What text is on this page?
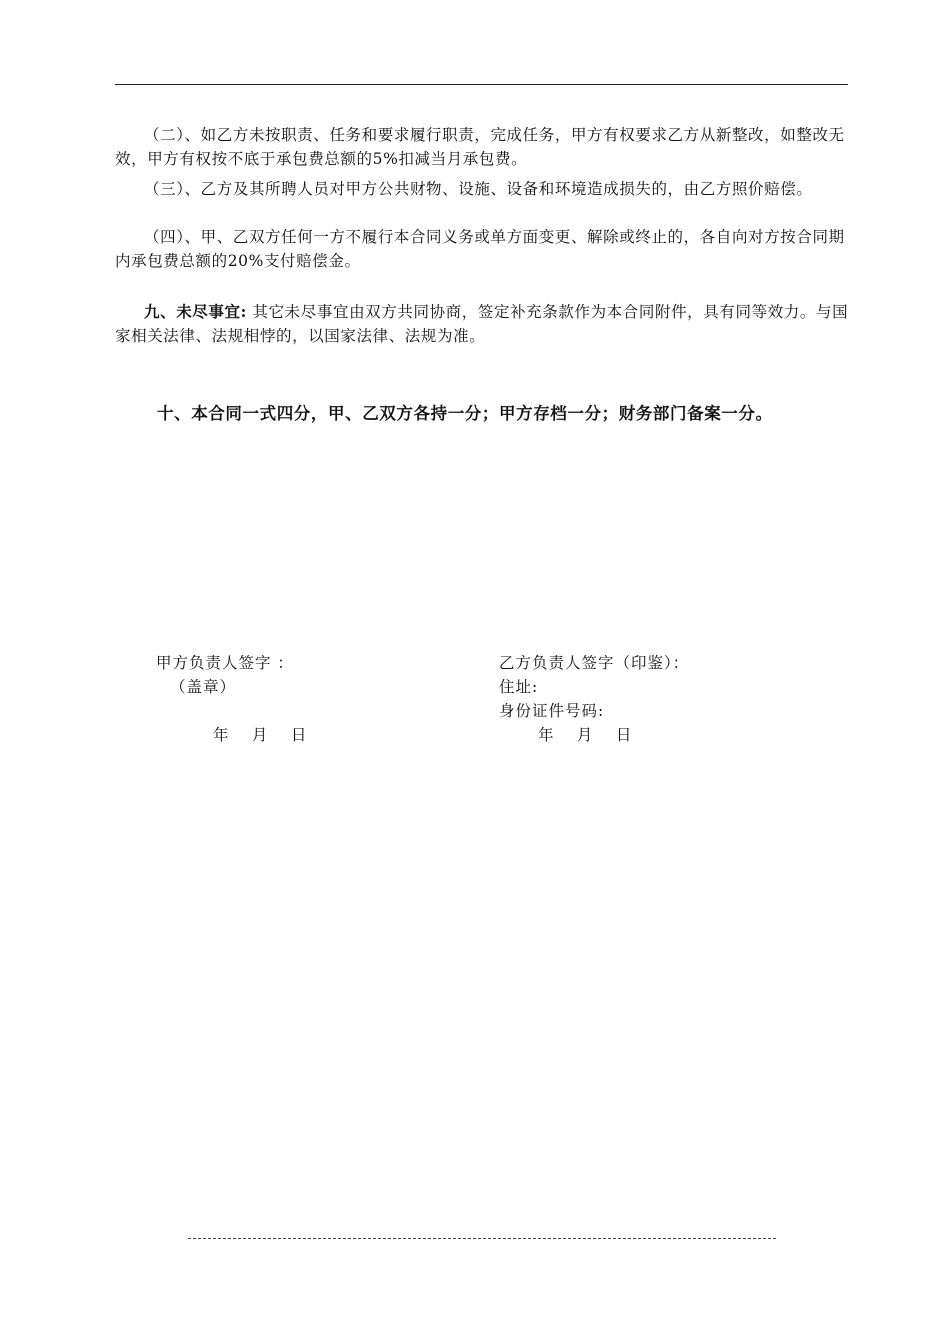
（二）、如乙方未按职责、任务和要求履行职责，完成任务，甲方有权要求乙方从新整改，如整改无效，甲方有权按不底于承包费总额的5%扣减当月承包费。

（三）、乙方及其所聘人员对甲方公共财物、设施、设备和环境造成损失的，由乙方照价赔偿。

（四）、甲、乙双方任何一方不履行本合同义务或单方面变更、解除或终止的，各自向对方按合同期内承包费总额的20%支付赔偿金。

九、未尽事宜: 其它未尽事宜由双方共同协商，签定补充条款作为本合同附件，具有同等效力。与国家相关法律、法规相悖的，以国家法律、法规为准。

十、本合同一式四分，甲、乙双方各持一分；甲方存档一分；财务部门备案一分。

甲方负责人签字 ：
（盖章）
年　 月　 日
乙方负责人签字（印鉴）：
住址:
身份证件号码:
年　 月　 日
